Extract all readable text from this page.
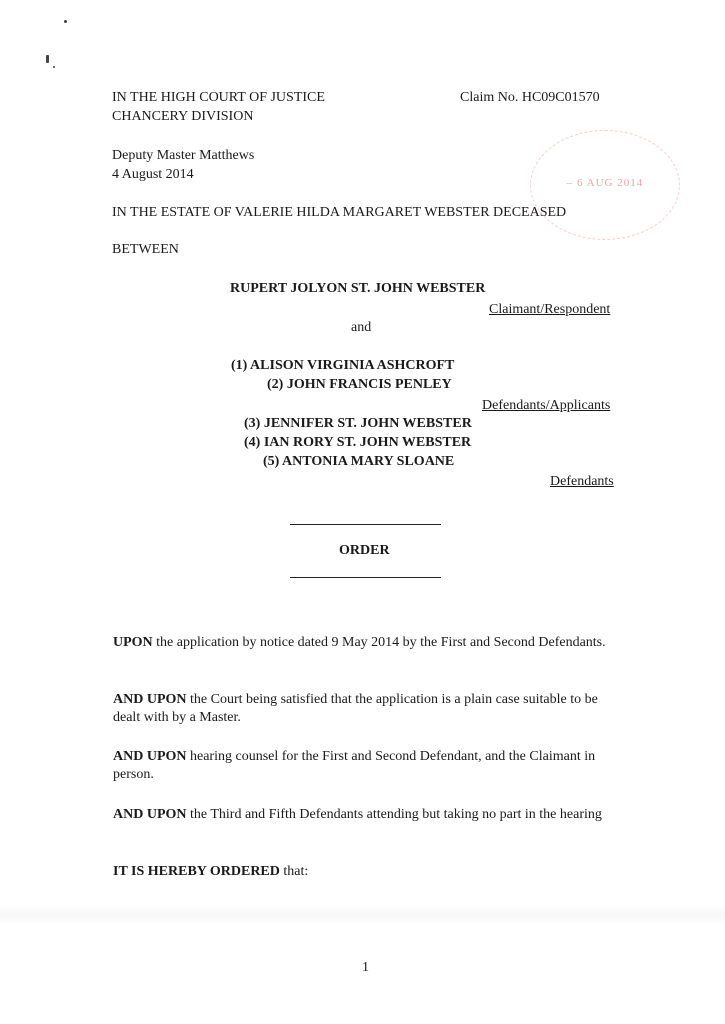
IN THE HIGH COURT OF JUSTICE
CHANCERY DIVISION
Claim No. HC09C01570
Deputy Master Matthews
4 August 2014
– 6 AUG 2014
IN THE ESTATE OF VALERIE HILDA MARGARET WEBSTER DECEASED
BETWEEN
RUPERT JOLYON ST. JOHN WEBSTER
Claimant/Respondent
and
(1) ALISON VIRGINIA ASHCROFT
(2) JOHN FRANCIS PENLEY
Defendants/Applicants
(3) JENNIFER ST. JOHN WEBSTER
(4) IAN RORY ST. JOHN WEBSTER
(5) ANTONIA MARY SLOANE
Defendants
ORDER
UPON the application by notice dated 9 May 2014 by the First and Second Defendants.
AND UPON the Court being satisfied that the application is a plain case suitable to be dealt with by a Master.
AND UPON hearing counsel for the First and Second Defendant, and the Claimant in person.
AND UPON the Third and Fifth Defendants attending but taking no part in the hearing
IT IS HEREBY ORDERED that:
1
